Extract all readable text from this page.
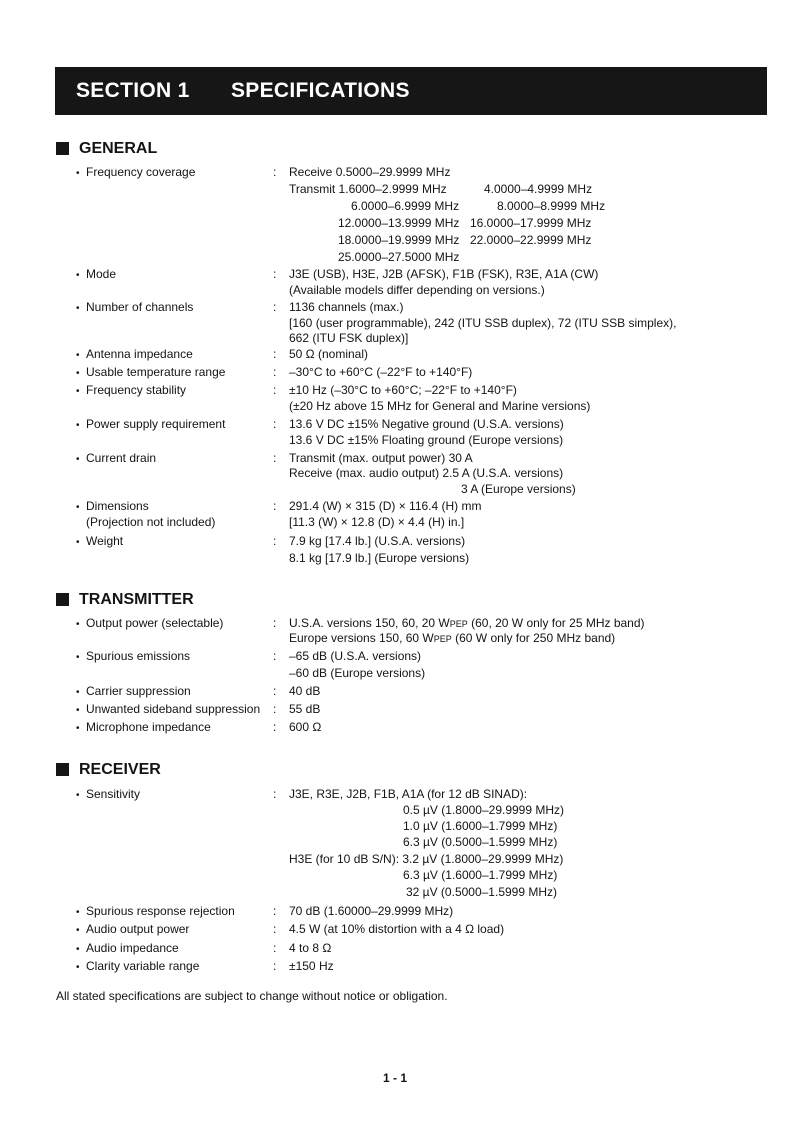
SECTION 1 SPECIFICATIONS
GENERAL
• Frequency coverage	: Receive 0.5000–29.9999 MHz
Transmit 1.6000–2.9999 MHz	4.0000–4.9999 MHz
6.0000–6.9999 MHz	8.0000–8.9999 MHz
12.0000–13.9999 MHz 16.0000–17.9999 MHz
18.0000–19.9999 MHz 22.0000–22.9999 MHz
25.0000–27.5000 MHz
• Mode	: J3E (USB), H3E, J2B (AFSK), F1B (FSK), R3E, A1A (CW)
(Available models differ depending on versions.)
• Number of channels	: 1136 channels (max.)
[160 (user programmable), 242 (ITU SSB duplex), 72 (ITU SSB simplex),
662 (ITU FSK duplex)]
• Antenna impedance	: 50 Ω (nominal)
• Usable temperature range	: –30°C to +60°C (–22°F to +140°F)
• Frequency stability	: ±10 Hz (–30°C to +60°C; –22°F to +140°F)
(±20 Hz above 15 MHz for General and Marine versions)
• Power supply requirement	: 13.6 V DC ±15% Negative ground (U.S.A. versions)
13.6 V DC ±15% Floating ground (Europe versions)
• Current drain	: Transmit (max. output power) 30 A
Receive (max. audio output) 2.5 A (U.S.A. versions)
3 A (Europe versions)
• Dimensions
(Projection not included)
: 291.4 (W) × 315 (D) × 116.4 (H) mm
[11.3 (W) × 12.8 (D) × 4.4 (H) in.]
• Weight	: 7.9 kg [17.4 lb.] (U.S.A. versions)
8.1 kg [17.9 lb.] (Europe versions)
TRANSMITTER
• Output power (selectable)	: U.S.A. versions 150, 60, 20 WPEP (60, 20 W only for 25 MHz band)
Europe versions 150, 60 WPEP (60 W only for 250 MHz band)
• Spurious emissions	: –65 dB (U.S.A. versions)
–60 dB (Europe versions)
• Carrier suppression	: 40 dB
• Unwanted sideband suppression : 55 dB
• Microphone impedance	: 600 Ω
RECEIVER
• Sensitivity	: J3E, R3E, J2B, F1B, A1A (for 12 dB SINAD):
0.5 µV (1.8000–29.9999 MHz)
1.0 µV (1.6000–1.7999 MHz)
6.3 µV (0.5000–1.5999 MHz)
H3E (for 10 dB S/N): 3.2 µV (1.8000–29.9999 MHz)
6.3 µV (1.6000–1.7999 MHz)
32 µV (0.5000–1.5999 MHz)
• Spurious response rejection	: 70 dB (1.60000–29.9999 MHz)
• Audio output power	: 4.5 W (at 10% distortion with a 4 Ω load)
• Audio impedance	: 4 to 8 Ω
• Clarity variable range	: ±150 Hz
All stated specifications are subject to change without notice or obligation.
1 - 1
